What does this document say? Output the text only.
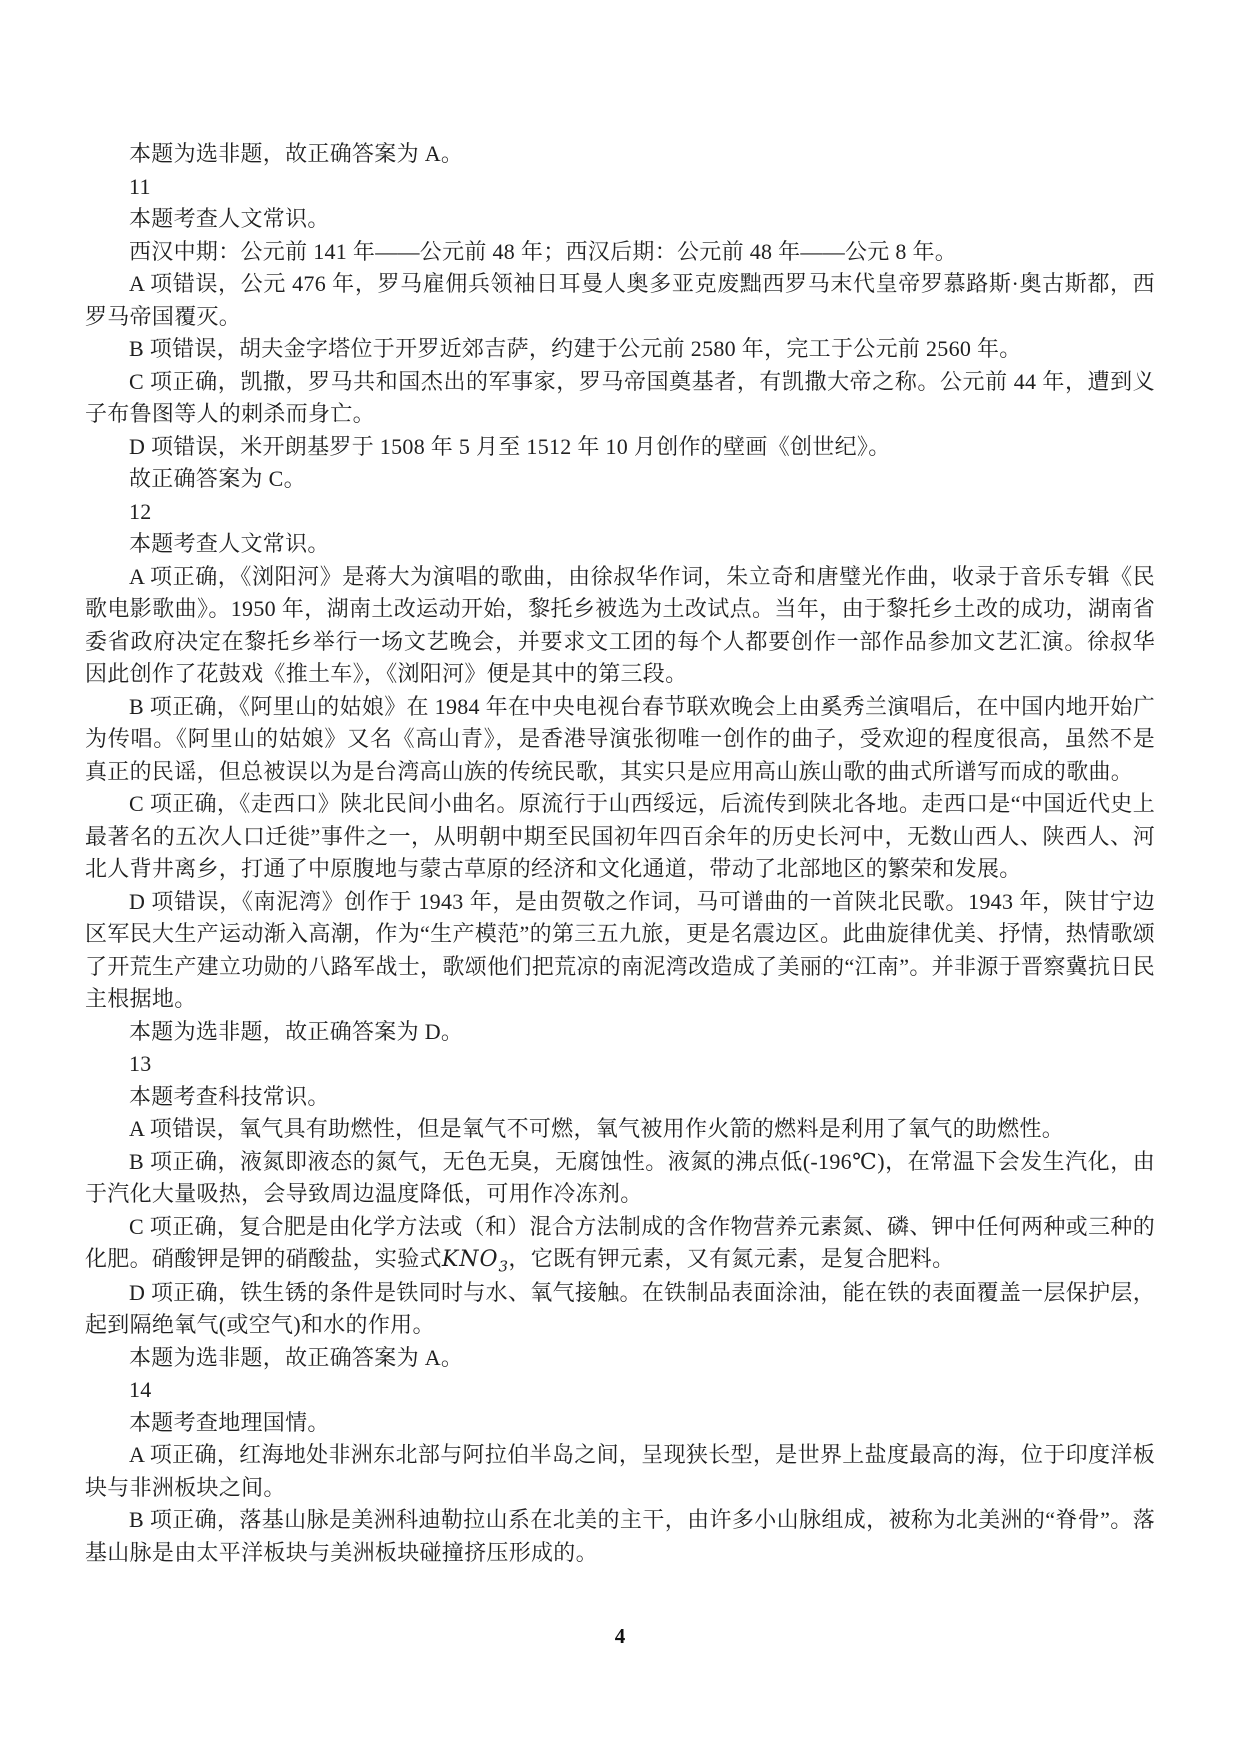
本题为选非题，故正确答案为 A。

11

本题考查人文常识。

西汉中期：公元前 141 年——公元前 48 年；西汉后期：公元前 48 年——公元 8 年。

A 项错误，公元 476 年，罗马雇佣兵领袖日耳曼人奥多亚克废黜西罗马末代皇帝罗慕路斯·奥古斯都，西罗马帝国覆灭。

B 项错误，胡夫金字塔位于开罗近郊吉萨，约建于公元前 2580 年，完工于公元前 2560 年。

C 项正确，凯撒，罗马共和国杰出的军事家，罗马帝国奠基者，有凯撒大帝之称。公元前 44 年，遭到义子布鲁图等人的刺杀而身亡。

D 项错误，米开朗基罗于 1508 年 5 月至 1512 年 10 月创作的壁画《创世纪》。

故正确答案为 C。

12

本题考查人文常识。

A 项正确，《浏阳河》是蒋大为演唱的歌曲，由徐叔华作词，朱立奇和唐璧光作曲，收录于音乐专辑《民歌电影歌曲》。1950 年，湖南土改运动开始，黎托乡被选为土改试点。当年，由于黎托乡土改的成功，湖南省委省政府决定在黎托乡举行一场文艺晚会，并要求文工团的每个人都要创作一部作品参加文艺汇演。徐叔华因此创作了花鼓戏《推土车》，《浏阳河》便是其中的第三段。

B 项正确，《阿里山的姑娘》在 1984 年在中央电视台春节联欢晚会上由奚秀兰演唱后，在中国内地开始广为传唱。《阿里山的姑娘》又名《高山青》，是香港导演张彻唯一创作的曲子，受欢迎的程度很高，虽然不是真正的民谣，但总被误以为是台湾高山族的传统民歌，其实只是应用高山族山歌的曲式所谱写而成的歌曲。

C 项正确，《走西口》陕北民间小曲名。原流行于山西绥远，后流传到陕北各地。走西口是“中国近代史上最著名的五次人口迁徙”事件之一，从明朝中期至民国初年四百余年的历史长河中，无数山西人、陕西人、河北人背井离乡，打通了中原腹地与蒙古草原的经济和文化通道，带动了北部地区的繁荣和发展。

D 项错误，《南泥湾》创作于 1943 年，是由贺敬之作词，马可谱曲的一首陕北民歌。1943 年，陕甘宁边区军民大生产运动渐入高潮，作为“生产模范”的第三五九旅，更是名震边区。此曲旋律优美、抒情，热情歌颂了开荒生产建立功勋的八路军战士，歌颂他们把荒凉的南泥湾改造成了美丽的“江南”。并非源于晋察冀抗日民主根据地。

本题为选非题，故正确答案为 D。

13

本题考查科技常识。

A 项错误，氧气具有助燃性，但是氧气不可燃，氧气被用作火箭的燃料是利用了氧气的助燃性。

B 项正确，液氮即液态的氮气，无色无臭，无腐蚀性。液氮的沸点低(-196℃)，在常温下会发生汽化，由于汽化大量吸热，会导致周边温度降低，可用作冷冻剂。

C 项正确，复合肥是由化学方法或（和）混合方法制成的含作物营养元素氮、磷、钾中任何两种或三种的化肥。硝酸钾是钾的硝酸盐，实验式$KNO_3$，它既有钾元素，又有氮元素，是复合肥料。

D 项正确，铁生锈的条件是铁同时与水、氧气接触。在铁制品表面涂油，能在铁的表面覆盖一层保护层，起到隔绝氧气(或空气)和水的作用。

本题为选非题，故正确答案为 A。

14

本题考查地理国情。

A 项正确，红海地处非洲东北部与阿拉伯半岛之间，呈现狭长型，是世界上盐度最高的海，位于印度洋板块与非洲板块之间。

B 项正确，落基山脉是美洲科迪勒拉山系在北美的主干，由许多小山脉组成，被称为北美洲的“脊骨”。落基山脉是由太平洋板块与美洲板块碰撞挤压形成的。

4
